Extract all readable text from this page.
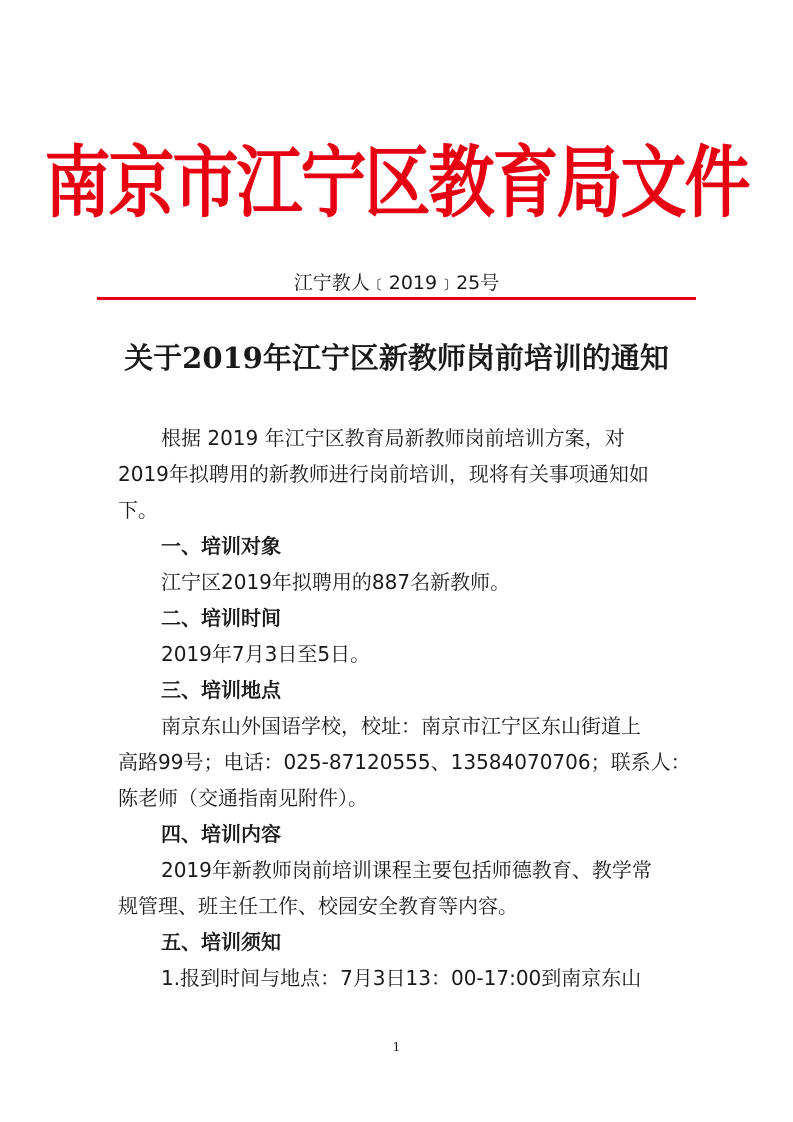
南京市江宁区教育局文件
江宁教人﹝2019﹞25号
关于2019年江宁区新教师岗前培训的通知
根据 2019 年江宁区教育局新教师岗前培训方案，对
2019年拟聘用的新教师进行岗前培训，现将有关事项通知如
下。
一、培训对象
江宁区2019年拟聘用的887名新教师。
二、培训时间
2019年7月3日至5日。
三、培训地点
南京东山外国语学校，校址：南京市江宁区东山街道上
高路99号；电话：025-87120555、13584070706；联系人：
陈老师（交通指南见附件）。
四、培训内容
2019年新教师岗前培训课程主要包括师德教育、教学常
规管理、班主任工作、校园安全教育等内容。
五、培训须知
1.报到时间与地点：7月3日13：00-17:00到南京东山
1
